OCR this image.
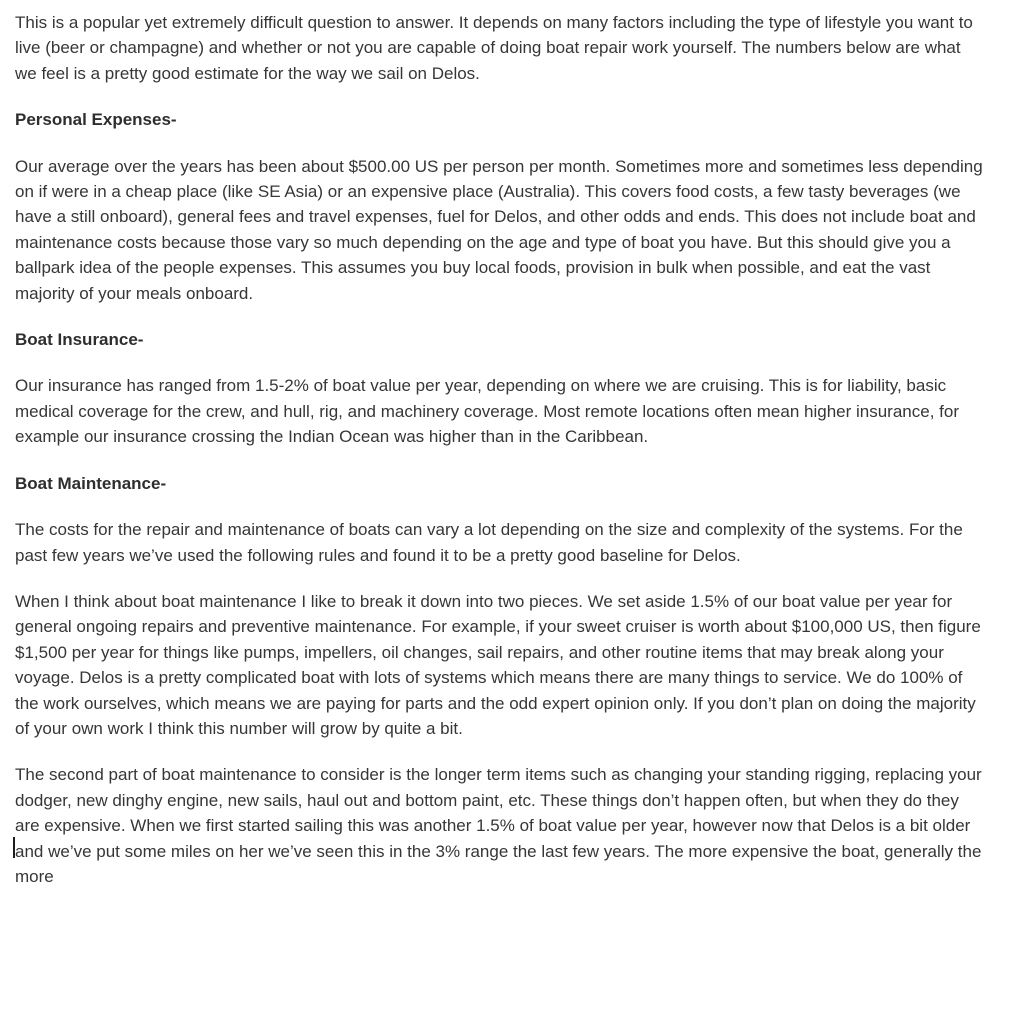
This is a popular yet extremely difficult question to answer. It depends on many factors including the type of lifestyle you want to live (beer or champagne) and whether or not you are capable of doing boat repair work yourself. The numbers below are what we feel is a pretty good estimate for the way we sail on Delos.

Personal Expenses-

Our average over the years has been about $500.00 US per person per month. Sometimes more and sometimes less depending on if were in a cheap place (like SE Asia) or an expensive place (Australia). This covers food costs, a few tasty beverages (we have a still onboard), general fees and travel expenses, fuel for Delos, and other odds and ends. This does not include boat and maintenance costs because those vary so much depending on the age and type of boat you have. But this should give you a ballpark idea of the people expenses. This assumes you buy local foods, provision in bulk when possible, and eat the vast majority of your meals onboard.

Boat Insurance-

Our insurance has ranged from 1.5-2% of boat value per year, depending on where we are cruising. This is for liability, basic medical coverage for the crew, and hull, rig, and machinery coverage. Most remote locations often mean higher insurance, for example our insurance crossing the Indian Ocean was higher than in the Caribbean.

Boat Maintenance-

The costs for the repair and maintenance of boats can vary a lot depending on the size and complexity of the systems. For the past few years we’ve used the following rules and found it to be a pretty good baseline for Delos.

When I think about boat maintenance I like to break it down into two pieces. We set aside 1.5% of our boat value per year for general ongoing repairs and preventive maintenance. For example, if your sweet cruiser is worth about $100,000 US, then figure $1,500 per year for things like pumps, impellers, oil changes, sail repairs, and other routine items that may break along your voyage. Delos is a pretty complicated boat with lots of systems which means there are many things to service. We do 100% of the work ourselves, which means we are paying for parts and the odd expert opinion only. If you don’t plan on doing the majority of your own work I think this number will grow by quite a bit.

The second part of boat maintenance to consider is the longer term items such as changing your standing rigging, replacing your dodger, new dinghy engine, new sails, haul out and bottom paint, etc. These things don’t happen often, but when they do they are expensive. When we first started sailing this was another 1.5% of boat value per year, however now that Delos is a bit older and we’ve put some miles on her we’ve seen this in the 3% range the last few years. The more expensive the boat, generally the more
